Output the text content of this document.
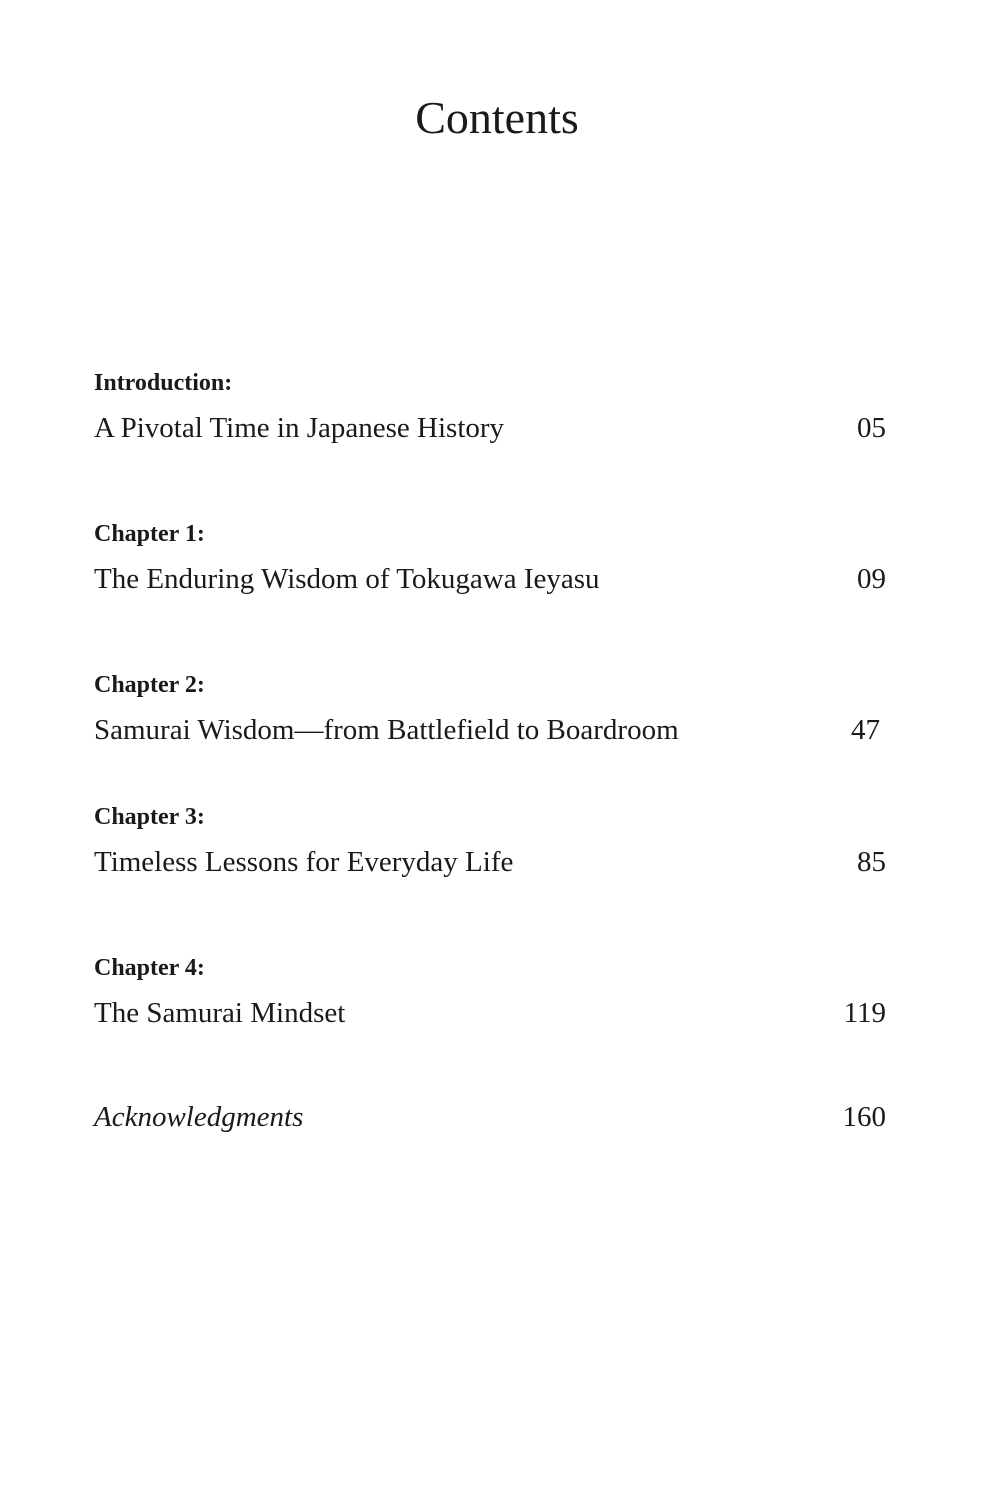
Contents
Introduction:
A Pivotal Time in Japanese History	05
Chapter 1:
The Enduring Wisdom of Tokugawa Ieyasu	09
Chapter 2:
Samurai Wisdom—from Battlefield to Boardroom	47
Chapter 3:
Timeless Lessons for Everyday Life	85
Chapter 4:
The Samurai Mindset	119
Acknowledgments	160
